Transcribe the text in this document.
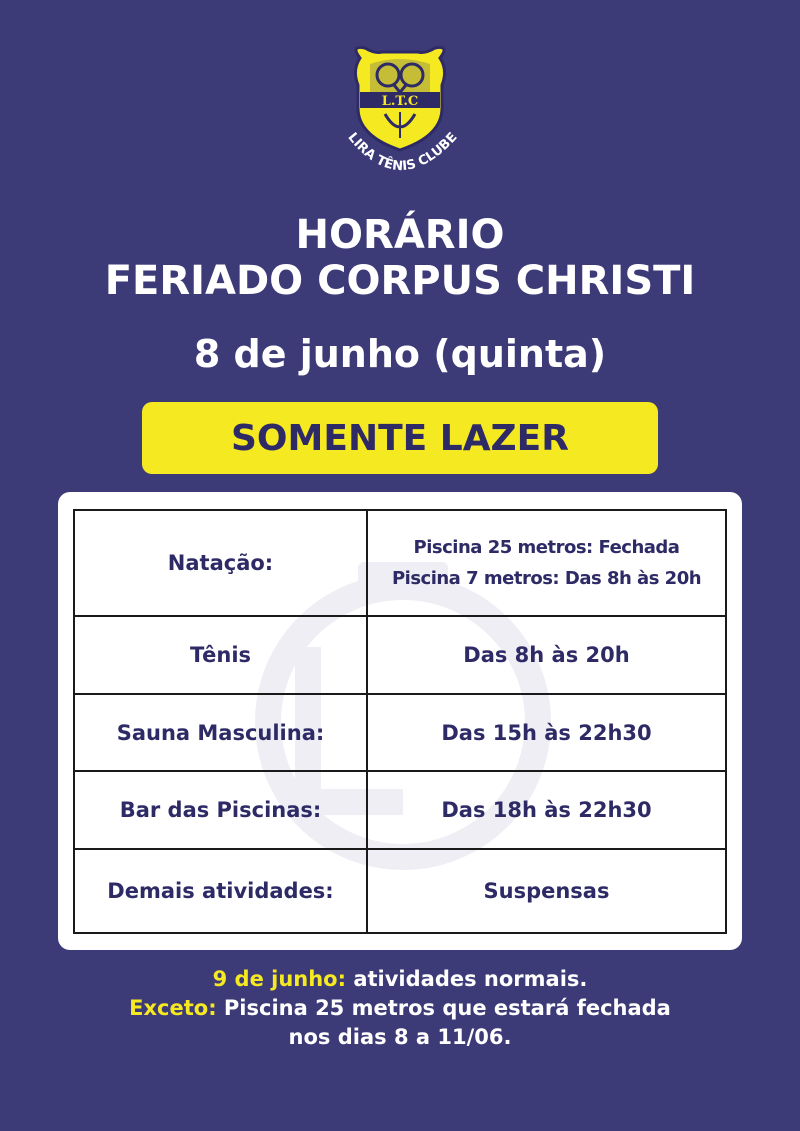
L.T.C
LIRA TÊNIS CLUBE
HORÁRIO
FERIADO CORPUS CHRISTI
8 de junho (quinta)
SOMENTE LAZER
Natação:	Piscina 25 metros: Fechada
Piscina 7 metros: Das 8h às 20h

Tênis	Das 8h às 20h
Sauna Masculina:	Das 15h às 22h30
Bar das Piscinas:	Das 18h às 22h30
Demais atividades:	Suspensas
9 de junho: atividades normais.
Exceto: Piscina 25 metros que estará fechada
nos dias 8 a 11/06.
